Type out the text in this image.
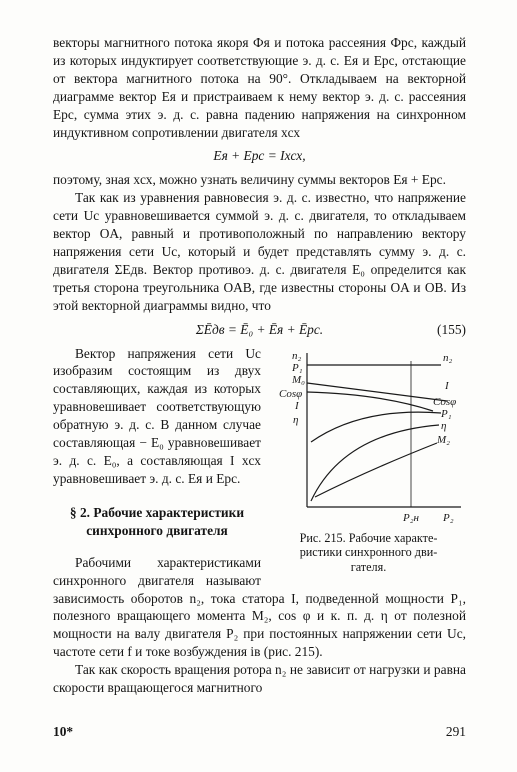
векторы магнитного потока якоря Фя и потока рассеяния Фрс, каждый из которых индуктирует соответствующие э. д. с. Eя и Eрс, отстающие от вектора магнитного потока на 90°. Откладываем на векторной диаграмме вектор Eя и пристраиваем к нему вектор э. д. с. рассеяния Eрс, сумма этих э. д. с. равна падению напряжения на синхронном индуктивном сопротивлении двигателя xсх

Eя + Eрс = Ixсх,

поэтому, зная xсх, можно узнать величину суммы векторов Eя + Eрс.

Так как из уравнения равновесия э. д. с. известно, что напряжение сети Uс уравновешивается суммой э. д. с. двигателя, то откладываем вектор OA, равный и противоположный по направлению вектору напряжения сети Uс, который и будет представлять сумму э. д. с. двигателя ΣEдв. Вектор противоэ. д. с. двигателя E₀ определится как третья сторона треугольника OAB, где известны стороны OA и OB. Из этой векторной диаграммы видно, что

ΣĒдв = Ē₀ + Ēя + Ēрс.	(155)
n₂
P₁
M₀
Cosφ
I
η
n₂
I
Cosφ
P₁
η
M₂
P₂н P₂
Рис. 215. Рабочие характе-
ристики синхронного дви-
гателя.

Вектор напряжения сети Uс изобразим состоящим из двух составляющих, каждая из которых уравновешивает соответствующую обратную э. д. с. В данном случае составляющая − E₀ уравновешивает э. д. с. E₀, а составляющая I xсх уравновешивает э. д. с. Eя и Eрс.

§ 2. Рабочие характеристики
синхронного двигателя

Рабочими характеристиками синхронного двигателя называют зависимость оборотов n₂, тока статора I, подведенной мощности P₁, полезного вращающего момента M₂, cos φ и к. п. д. η от полезной мощности на валу двигателя P₂ при постоянных напряжении сети Uс, частоте сети f и токе возбуждения iв (рис. 215).

Так как скорость вращения ротора n₂ не зависит от нагрузки и равна скорости вращающегося магнитного

10*	291
